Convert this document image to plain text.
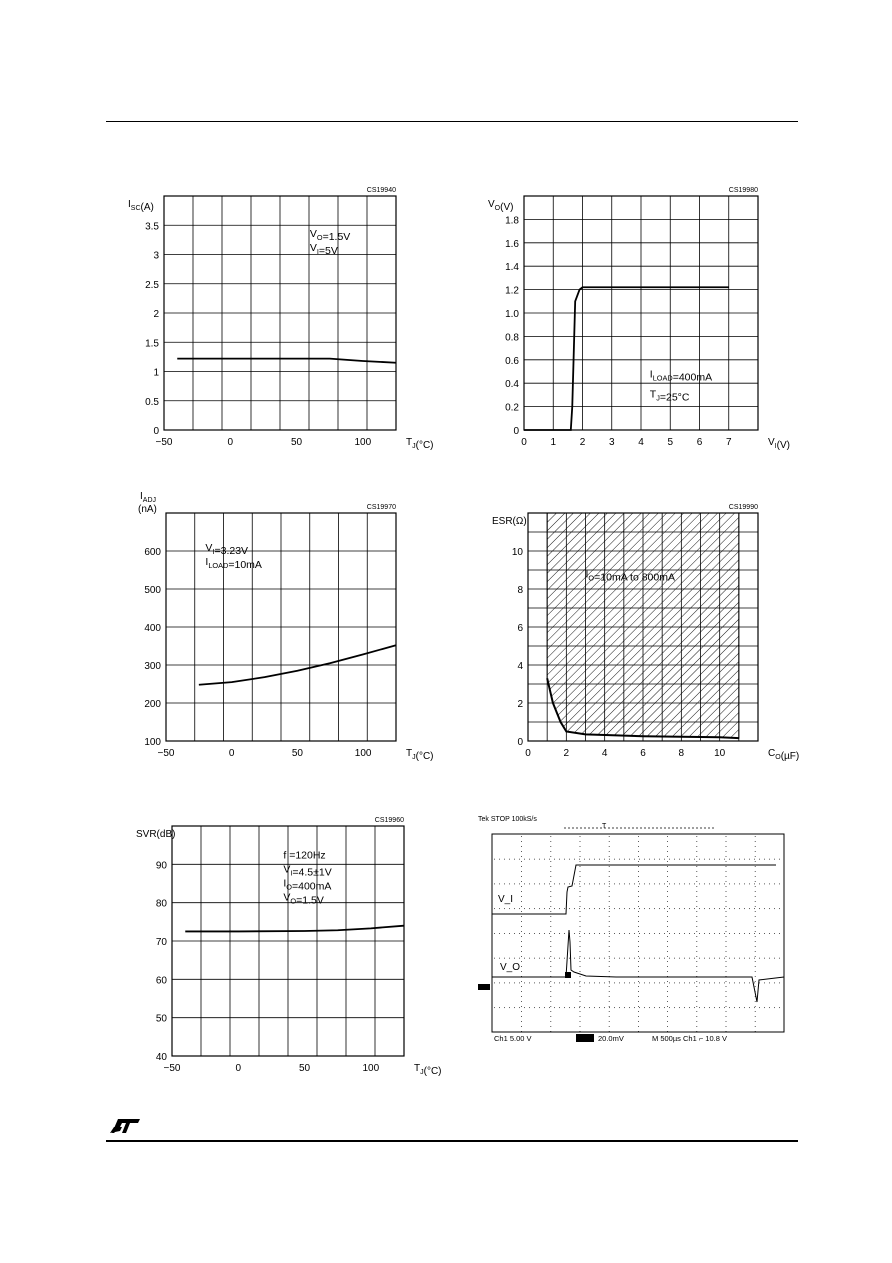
−50	0	50	100
0
0.5
1
1.5
2
2.5
3
3.5
CS19940
$I_{SC}(A)$
$T_J(^\circ C)$
$V_O=1.5V$
$V_I=5V$
0 1 2 3 4 5 6 7
0
0.2
0.4
0.6
0.8
1.0
1.2
1.4
1.6
1.8
CS19980
$V_O(V)$
$V_I(V)$
$I_{LOAD}=400mA$
$T_J=25^\circ C$
−50	0	50	100
100
200
300
400
500
600
CS19970
$I_{ADJ}$
(nA)
$T_J(^\circ C)$
$V_I=3.23V$
$I_{LOAD}=10mA$
0	2	4	6	8	10
0
2
4
6
8
10
CS19990
ESR(Ω)
$C_O(\mu F)$
$I_O=10mA$ to 800mA
−50	0	50	100
40
50
60
70
80
90
CS19960
SVR(dB)
$T_J(^\circ C)$
f =120Hz
$V_I=4.5\pm 1V$
$I_O=400mA$
$V_O=1.5V$
Tek STOP 100kS/s
T
V_I
V_O
Ch1 5.00 V	20.0mV	M 500µs Ch1 ⌐ 10.8 V
